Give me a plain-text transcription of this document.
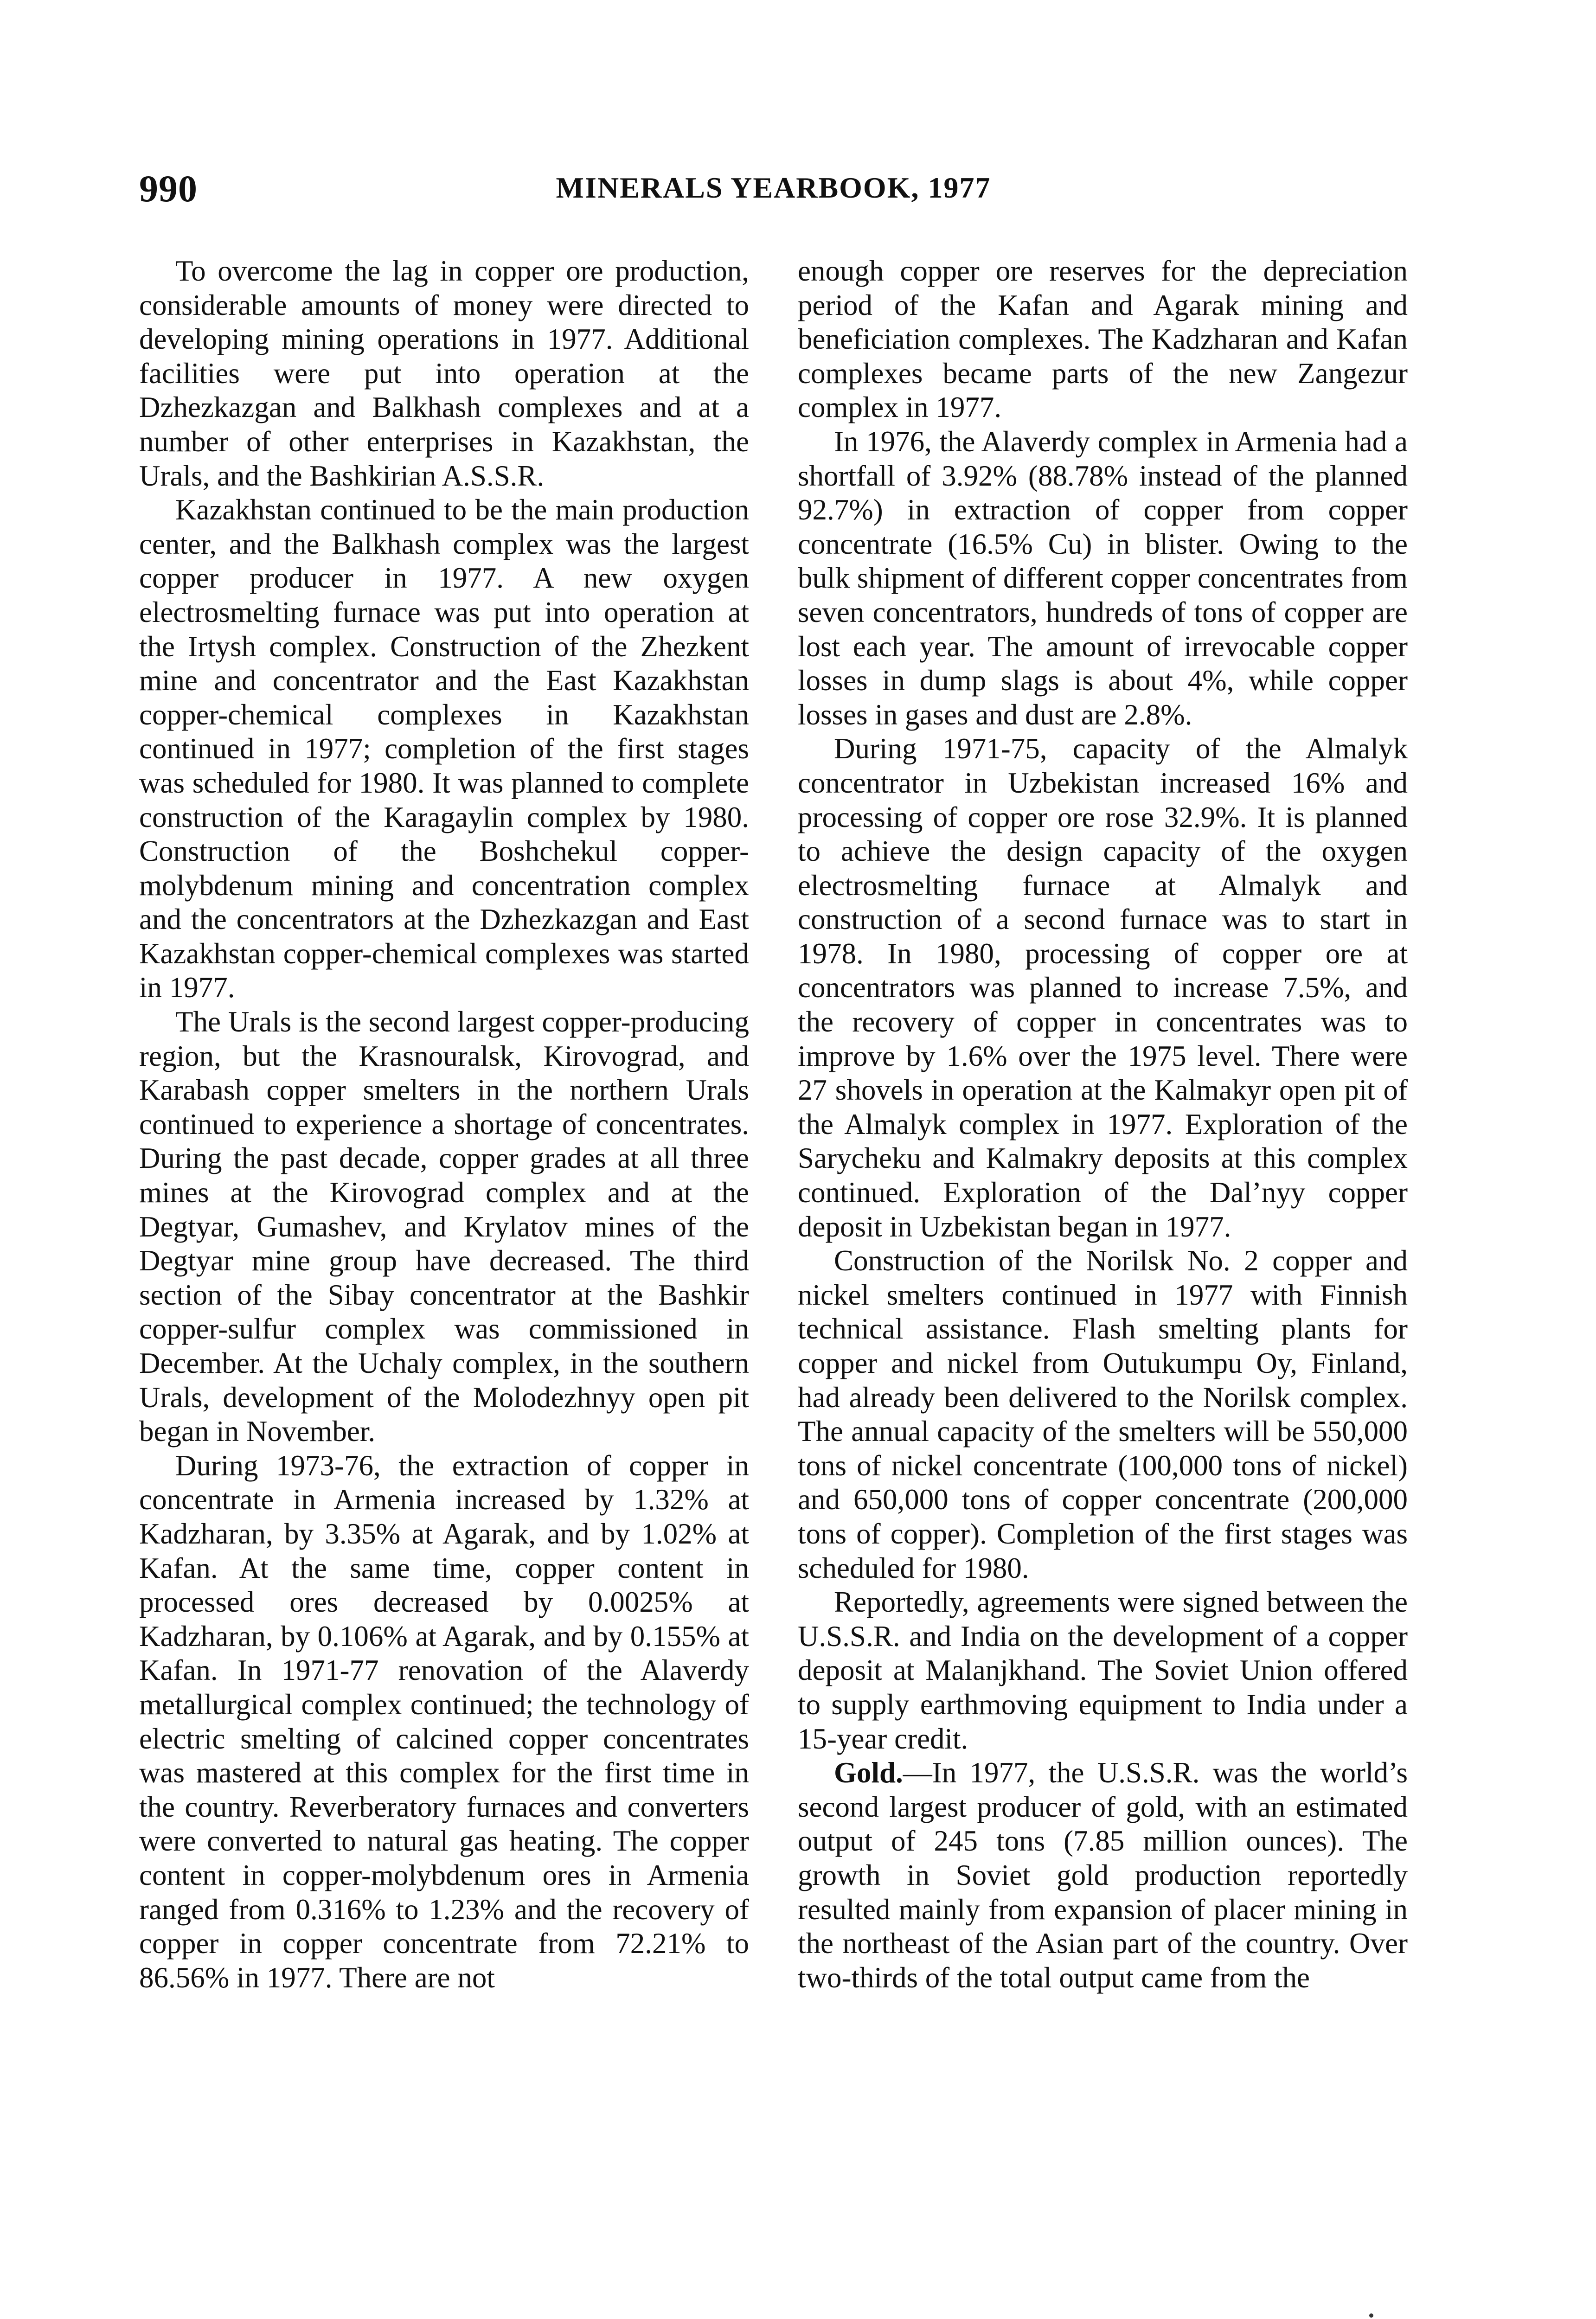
990	MINERALS YEARBOOK, 1977

To overcome the lag in copper ore production, considerable amounts of money were directed to developing mining operations in 1977. Additional facilities were put into operation at the Dzhezkazgan and Balkhash complexes and at a number of other enterprises in Kazakhstan, the Urals, and the Bashkirian A.S.S.R.

Kazakhstan continued to be the main production center, and the Balkhash complex was the largest copper producer in 1977. A new oxygen electrosmelting furnace was put into operation at the Irtysh complex. Construction of the Zhezkent mine and concentrator and the East Kazakhstan copper-chemical complexes in Kazakhstan continued in 1977; completion of the first stages was scheduled for 1980. It was planned to complete construction of the Karagaylin complex by 1980. Construction of the Boshchekul copper-molybdenum mining and concentration complex and the concentrators at the Dzhezkazgan and East Kazakhstan copper-chemical complexes was started in 1977.

The Urals is the second largest copper-producing region, but the Krasnouralsk, Kirovograd, and Karabash copper smelters in the northern Urals continued to experience a shortage of concentrates. During the past decade, copper grades at all three mines at the Kirovograd complex and at the Degtyar, Gumashev, and Krylatov mines of the Degtyar mine group have decreased. The third section of the Sibay concentrator at the Bashkir copper-sulfur complex was commissioned in December. At the Uchaly complex, in the southern Urals, development of the Molodezhnyy open pit began in November.

During 1973-76, the extraction of copper in concentrate in Armenia increased by 1.32% at Kadzharan, by 3.35% at Agarak, and by 1.02% at Kafan. At the same time, copper content in processed ores decreased by 0.0025% at Kadzharan, by 0.106% at Agarak, and by 0.155% at Kafan. In 1971-77 renovation of the Alaverdy metallurgical complex continued; the technology of electric smelting of calcined copper concentrates was mastered at this complex for the first time in the country. Reverberatory furnaces and converters were converted to natural gas heating. The copper content in copper-molybdenum ores in Armenia ranged from 0.316% to 1.23% and the recovery of copper in copper concentrate from 72.21% to 86.56% in 1977. There are not

enough copper ore reserves for the depreciation period of the Kafan and Agarak mining and beneficiation complexes. The Kadzharan and Kafan complexes became parts of the new Zangezur complex in 1977.

In 1976, the Alaverdy complex in Armenia had a shortfall of 3.92% (88.78% instead of the planned 92.7%) in extraction of copper from copper concentrate (16.5% Cu) in blister. Owing to the bulk shipment of different copper concentrates from seven concentrators, hundreds of tons of copper are lost each year. The amount of irrevocable copper losses in dump slags is about 4%, while copper losses in gases and dust are 2.8%.

During 1971-75, capacity of the Almalyk concentrator in Uzbekistan increased 16% and processing of copper ore rose 32.9%. It is planned to achieve the design capacity of the oxygen electrosmelting furnace at Almalyk and construction of a second furnace was to start in 1978. In 1980, processing of copper ore at concentrators was planned to increase 7.5%, and the recovery of copper in concentrates was to improve by 1.6% over the 1975 level. There were 27 shovels in operation at the Kalmakyr open pit of the Almalyk complex in 1977. Exploration of the Sarycheku and Kalmakry deposits at this complex continued. Exploration of the Dal’nyy copper deposit in Uzbekistan began in 1977.

Construction of the Norilsk No. 2 copper and nickel smelters continued in 1977 with Finnish technical assistance. Flash smelting plants for copper and nickel from Outukumpu Oy, Finland, had already been delivered to the Norilsk complex. The annual capacity of the smelters will be 550,000 tons of nickel concentrate (100,000 tons of nickel) and 650,000 tons of copper concentrate (200,000 tons of copper). Completion of the first stages was scheduled for 1980.

Reportedly, agreements were signed between the U.S.S.R. and India on the development of a copper deposit at Malanjkhand. The Soviet Union offered to supply earthmoving equipment to India under a 15-year credit.

Gold.—In 1977, the U.S.S.R. was the world’s second largest producer of gold, with an estimated output of 245 tons (7.85 million ounces). The growth in Soviet gold production reportedly resulted mainly from expansion of placer mining in the northeast of the Asian part of the country. Over two-thirds of the total output came from the
